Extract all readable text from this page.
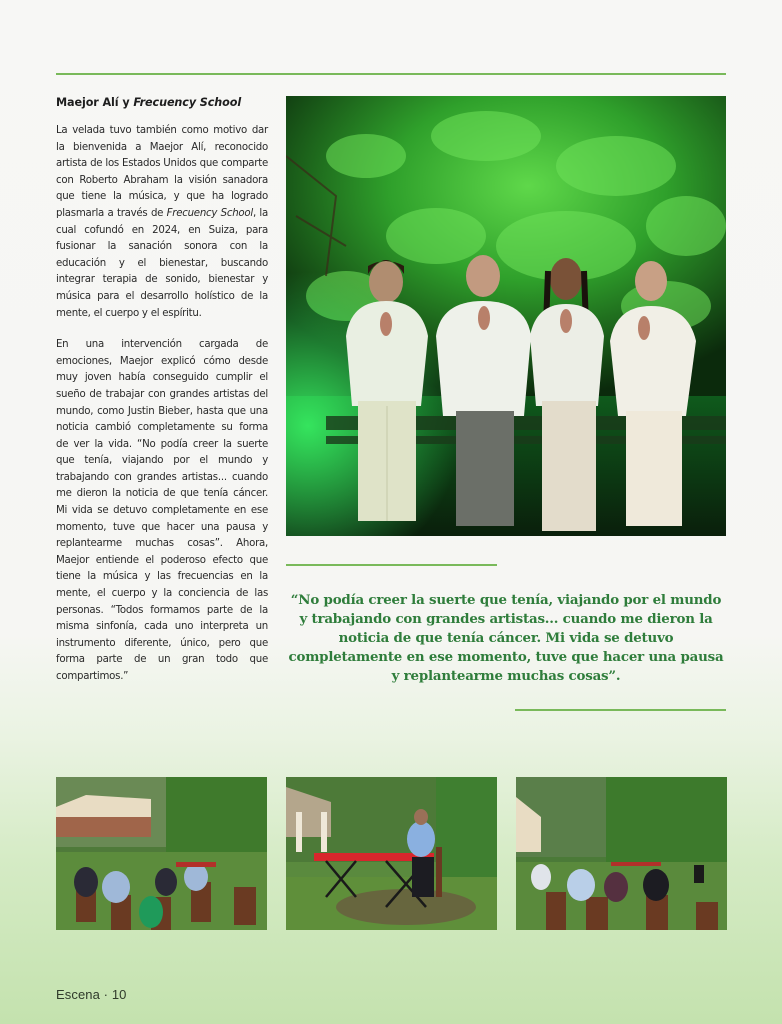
Maejor Alí y Frecuency School

La velada tuvo también como motivo dar la bienvenida a Maejor Alí, reconocido artista de los Estados Unidos que comparte con Roberto Abraham la visión sanadora que tiene la música, y que ha logrado plasmarla a través de Frecuency School, la cual cofundó en 2024, en Suiza, para fusionar la sanación sonora con la educación y el bienestar, buscando integrar terapia de sonido, bienestar y música para el desarrollo holístico de la mente, el cuerpo y el espíritu.

En una intervención cargada de emociones, Maejor explicó cómo desde muy joven había conseguido cumplir el sueño de trabajar con grandes artistas del mundo, como Justin Bieber, hasta que una noticia cambió completamente su forma de ver la vida. “No podía creer la suerte que tenía, viajando por el mundo y trabajando con grandes artistas... cuando me dieron la noticia de que tenía cáncer. Mi vida se detuvo completamente en ese momento, tuve que hacer una pausa y replantearme muchas cosas”. Ahora, Maejor entiende el poderoso efecto que tiene la música y las frecuencias en la mente, el cuerpo y la conciencia de las personas. “Todos formamos parte de la misma sinfonía, cada uno interpreta un instrumento diferente, único, pero que forma parte de un gran todo que compartimos.”

“No podía creer la suerte que tenía, viajando por el mundo y trabajando con grandes artistas... cuando me dieron la noticia de que tenía cáncer. Mi vida se detuvo completamente en ese momento, tuve que hacer una pausa y replantearme muchas cosas”.
Escena · 10
